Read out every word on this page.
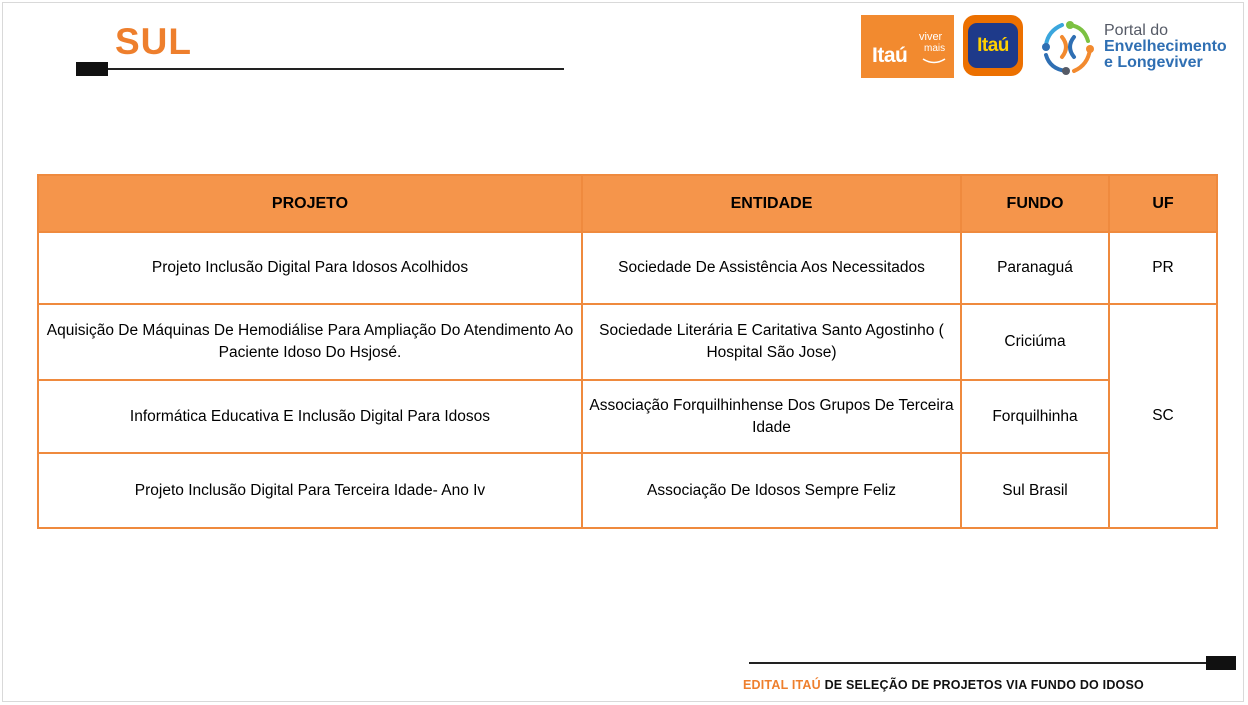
SUL	Itaú
viver
mais	Itaú
Portal do
Envelhecimento
e Longeviver
PROJETO	ENTIDADE	FUNDO	UF
Projeto Inclusão Digital Para Idosos Acolhidos	Sociedade De Assistência Aos Necessitados	Paranaguá	PR
Aquisição De Máquinas De Hemodiálise Para Ampliação Do Atendimento Ao Paciente Idoso Do Hsjosé.	Sociedade Literária E Caritativa Santo Agostinho ( Hospital São Jose)	Criciúma	SC
Informática Educativa E Inclusão Digital Para Idosos	Associação Forquilhinhense Dos Grupos De Terceira Idade	Forquilhinha	
Projeto Inclusão Digital Para Terceira Idade- Ano Iv	Associação De Idosos Sempre Feliz	Sul Brasil	
EDITAL ITAÚ DE SELEÇÃO DE PROJETOS VIA FUNDO DO IDOSO
